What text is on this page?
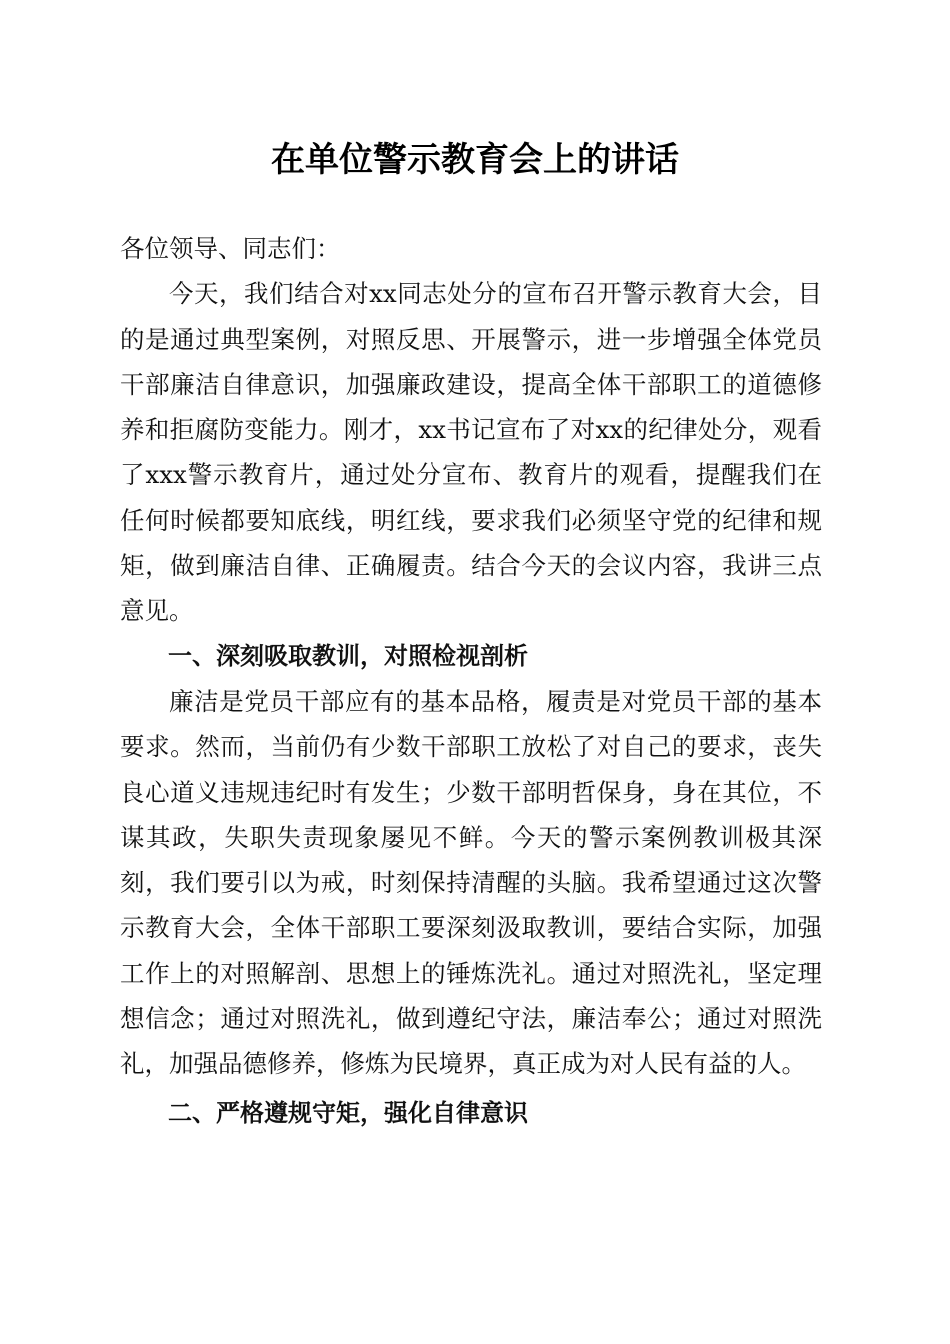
在单位警示教育会上的讲话

各位领导、同志们：

今天，我们结合对xx同志处分的宣布召开警示教育大会，目的是通过典型案例，对照反思、开展警示，进一步增强全体党员干部廉洁自律意识，加强廉政建设，提高全体干部职工的道德修养和拒腐防变能力。刚才，xx书记宣布了对xx的纪律处分，观看了xxx警示教育片，通过处分宣布、教育片的观看，提醒我们在任何时候都要知底线，明红线，要求我们必须坚守党的纪律和规矩，做到廉洁自律、正确履责。结合今天的会议内容，我讲三点意见。

一、深刻吸取教训，对照检视剖析

廉洁是党员干部应有的基本品格，履责是对党员干部的基本要求。然而，当前仍有少数干部职工放松了对自己的要求，丧失良心道义违规违纪时有发生；少数干部明哲保身，身在其位，不谋其政，失职失责现象屡见不鲜。今天的警示案例教训极其深刻，我们要引以为戒，时刻保持清醒的头脑。我希望通过这次警示教育大会，全体干部职工要深刻汲取教训，要结合实际，加强工作上的对照解剖、思想上的锤炼洗礼。通过对照洗礼，坚定理想信念；通过对照洗礼，做到遵纪守法，廉洁奉公；通过对照洗礼，加强品德修养，修炼为民境界，真正成为对人民有益的人。

二、严格遵规守矩，强化自律意识
